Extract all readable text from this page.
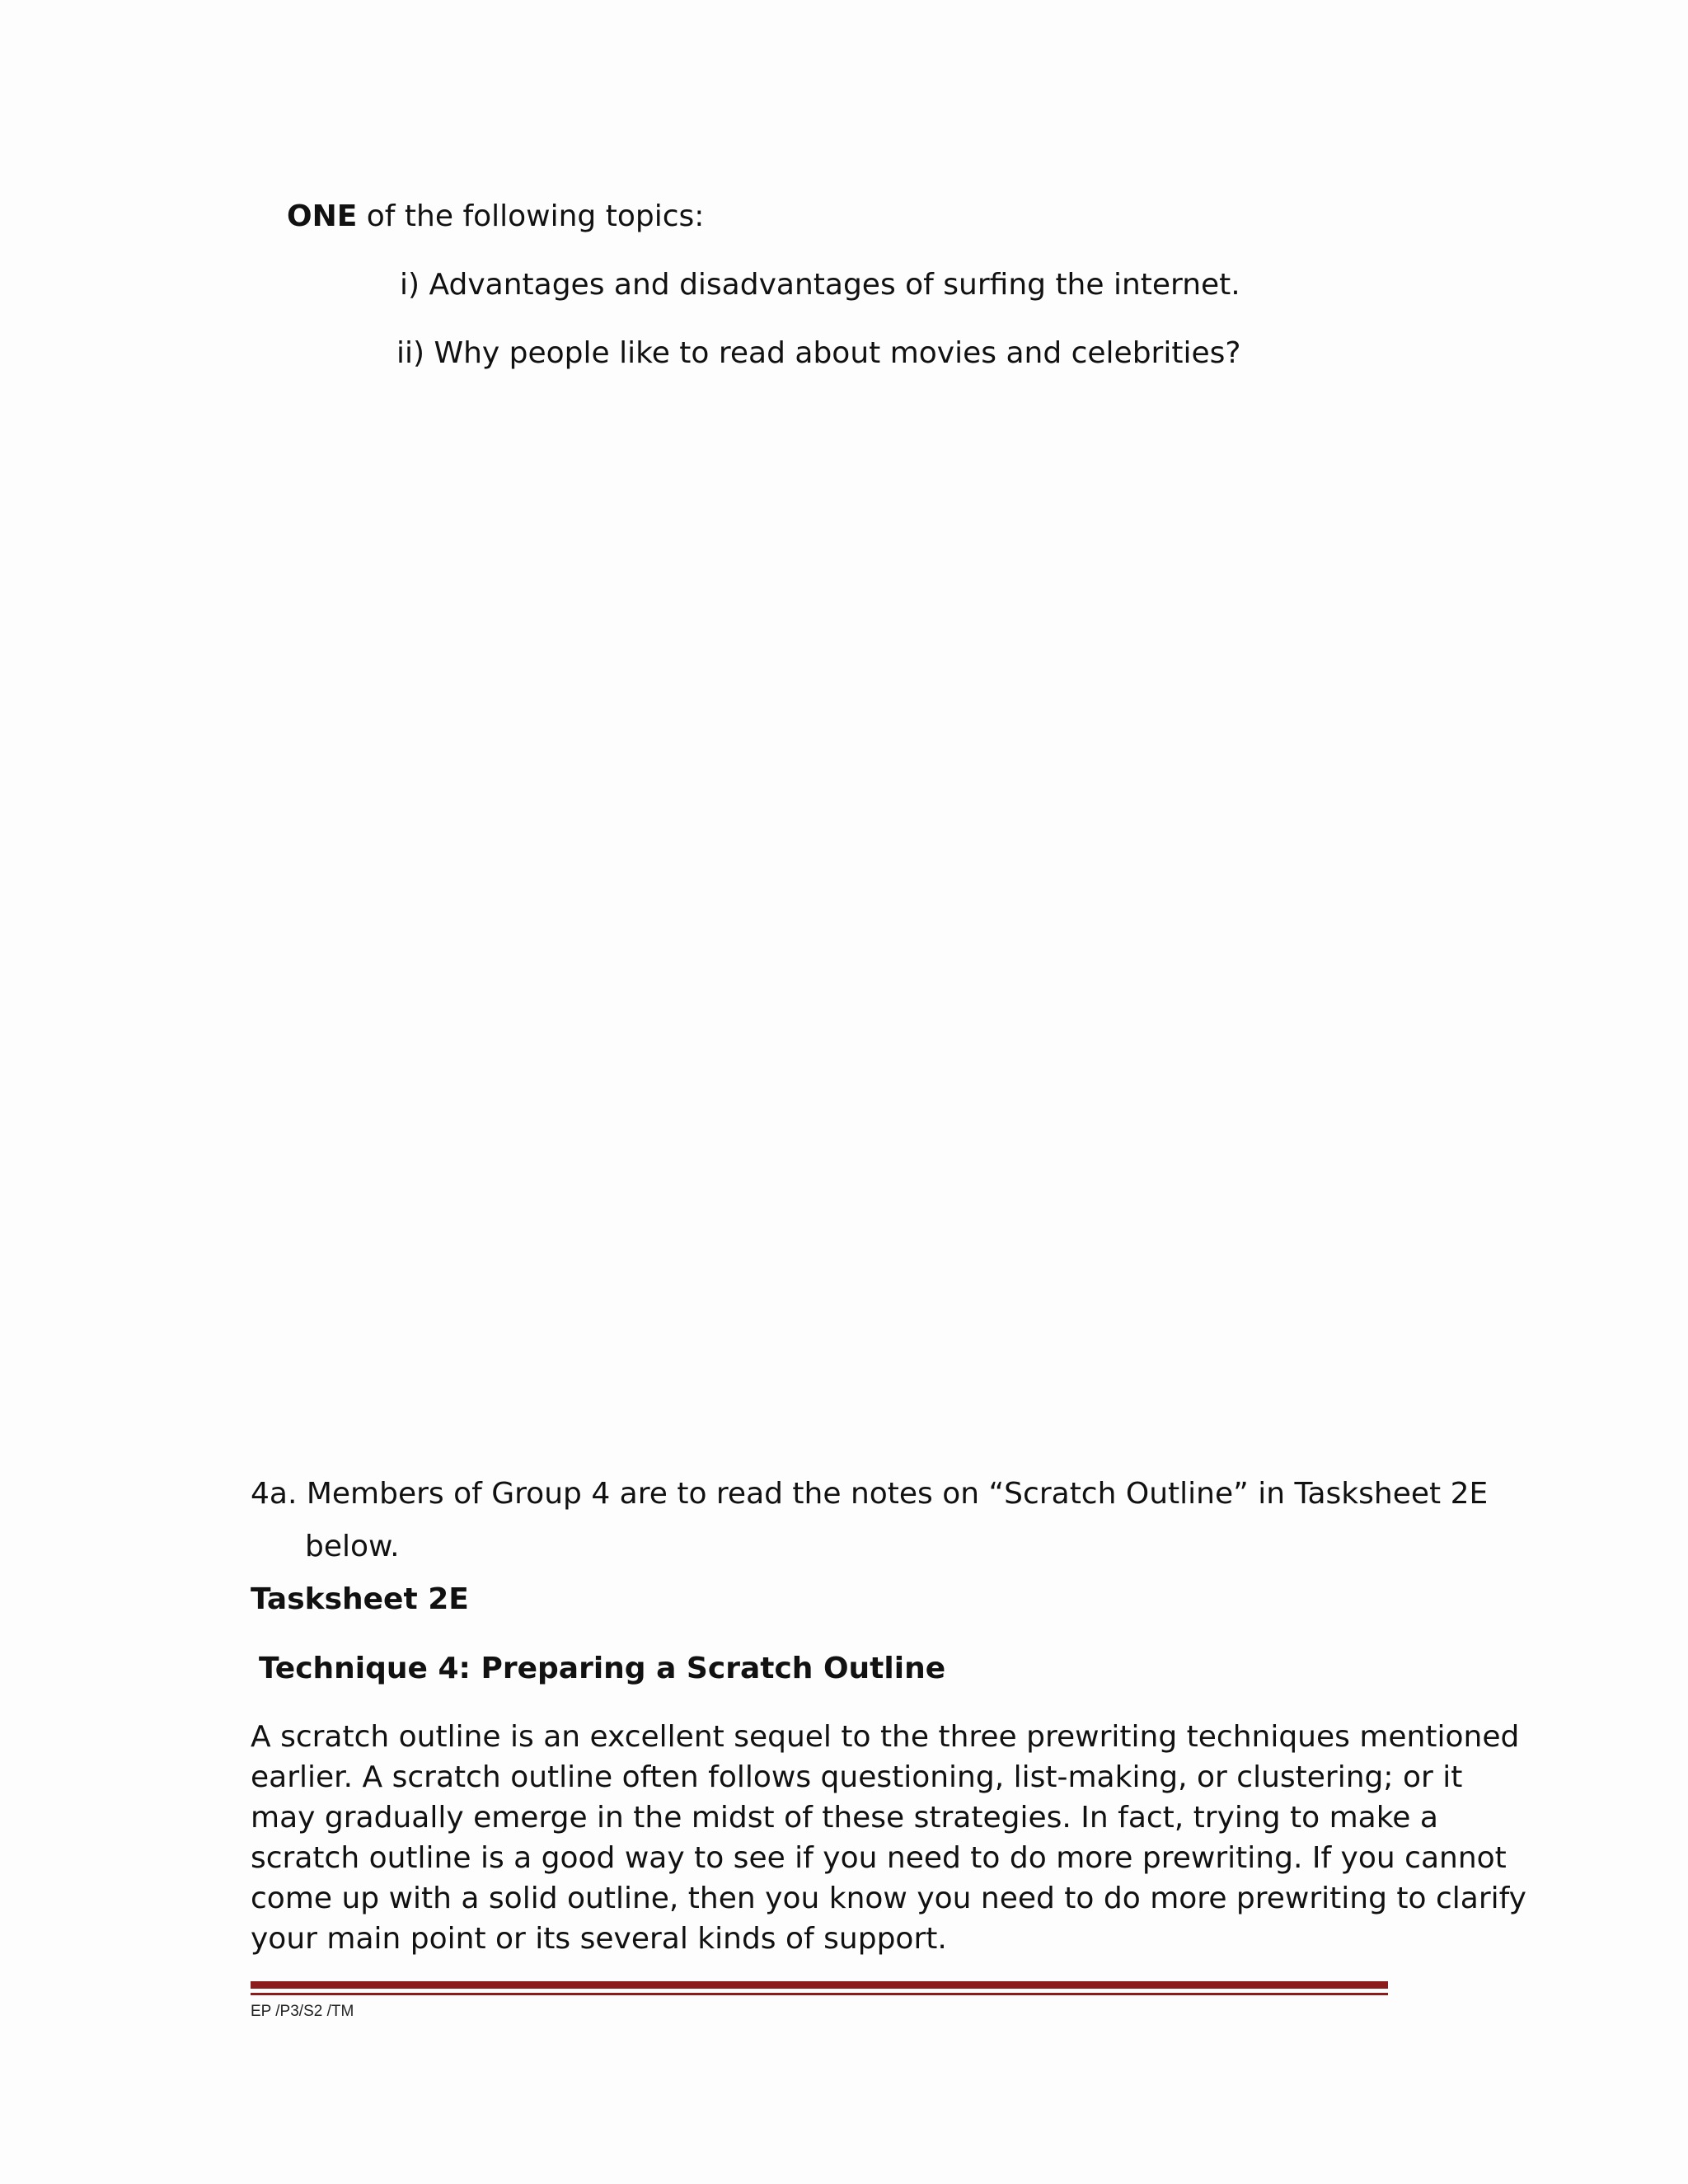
ONE of the following topics:
i) Advantages and disadvantages of surfing the internet.
ii) Why people like to read about movies and celebrities?
4a. Members of Group 4 are to read the notes on “Scratch Outline” in Tasksheet 2E
below.
Tasksheet 2E
Technique 4: Preparing a Scratch Outline
A scratch outline is an excellent sequel to the three prewriting techniques mentioned
earlier. A scratch outline often follows questioning, list-making, or clustering; or it
may gradually emerge in the midst of these strategies. In fact, trying to make a
scratch outline is a good way to see if you need to do more prewriting. If you cannot
come up with a solid outline, then you know you need to do more prewriting to clarify
your main point or its several kinds of support.
EP /P3/S2 /TM
